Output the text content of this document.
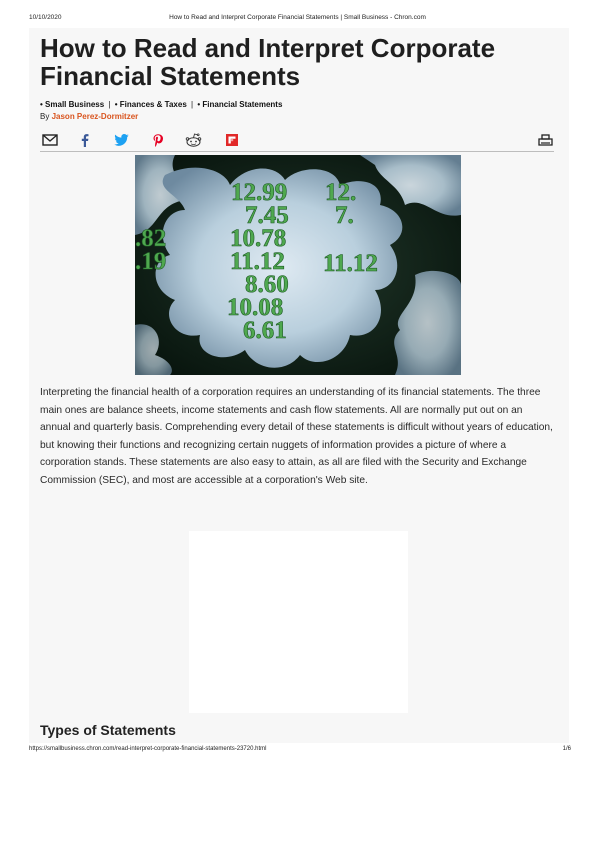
10/10/2020	How to Read and Interpret Corporate Financial Statements | Small Business - Chron.com
How to Read and Interpret Corporate Financial Statements
• Small Business | • Finances & Taxes | • Financial Statements
By Jason Perez-Dormitzer
12.99
7.45
10.78
11.12
8.60
10.08
6.61
.82
.19
12.
7.
11.12

Interpreting the financial health of a corporation requires an understanding of its financial statements. The three main ones are balance sheets, income statements and cash flow statements. All are normally put out on an annual and quarterly basis. Comprehending every detail of these statements is difficult without years of education, but knowing their functions and recognizing certain nuggets of information provides a picture of where a corporation stands. These statements are also easy to attain, as all are filed with the Security and Exchange Commission (SEC), and most are accessible at a corporation's Web site.

Types of Statements
https://smallbusiness.chron.com/read-interpret-corporate-financial-statements-23720.html	1/6
